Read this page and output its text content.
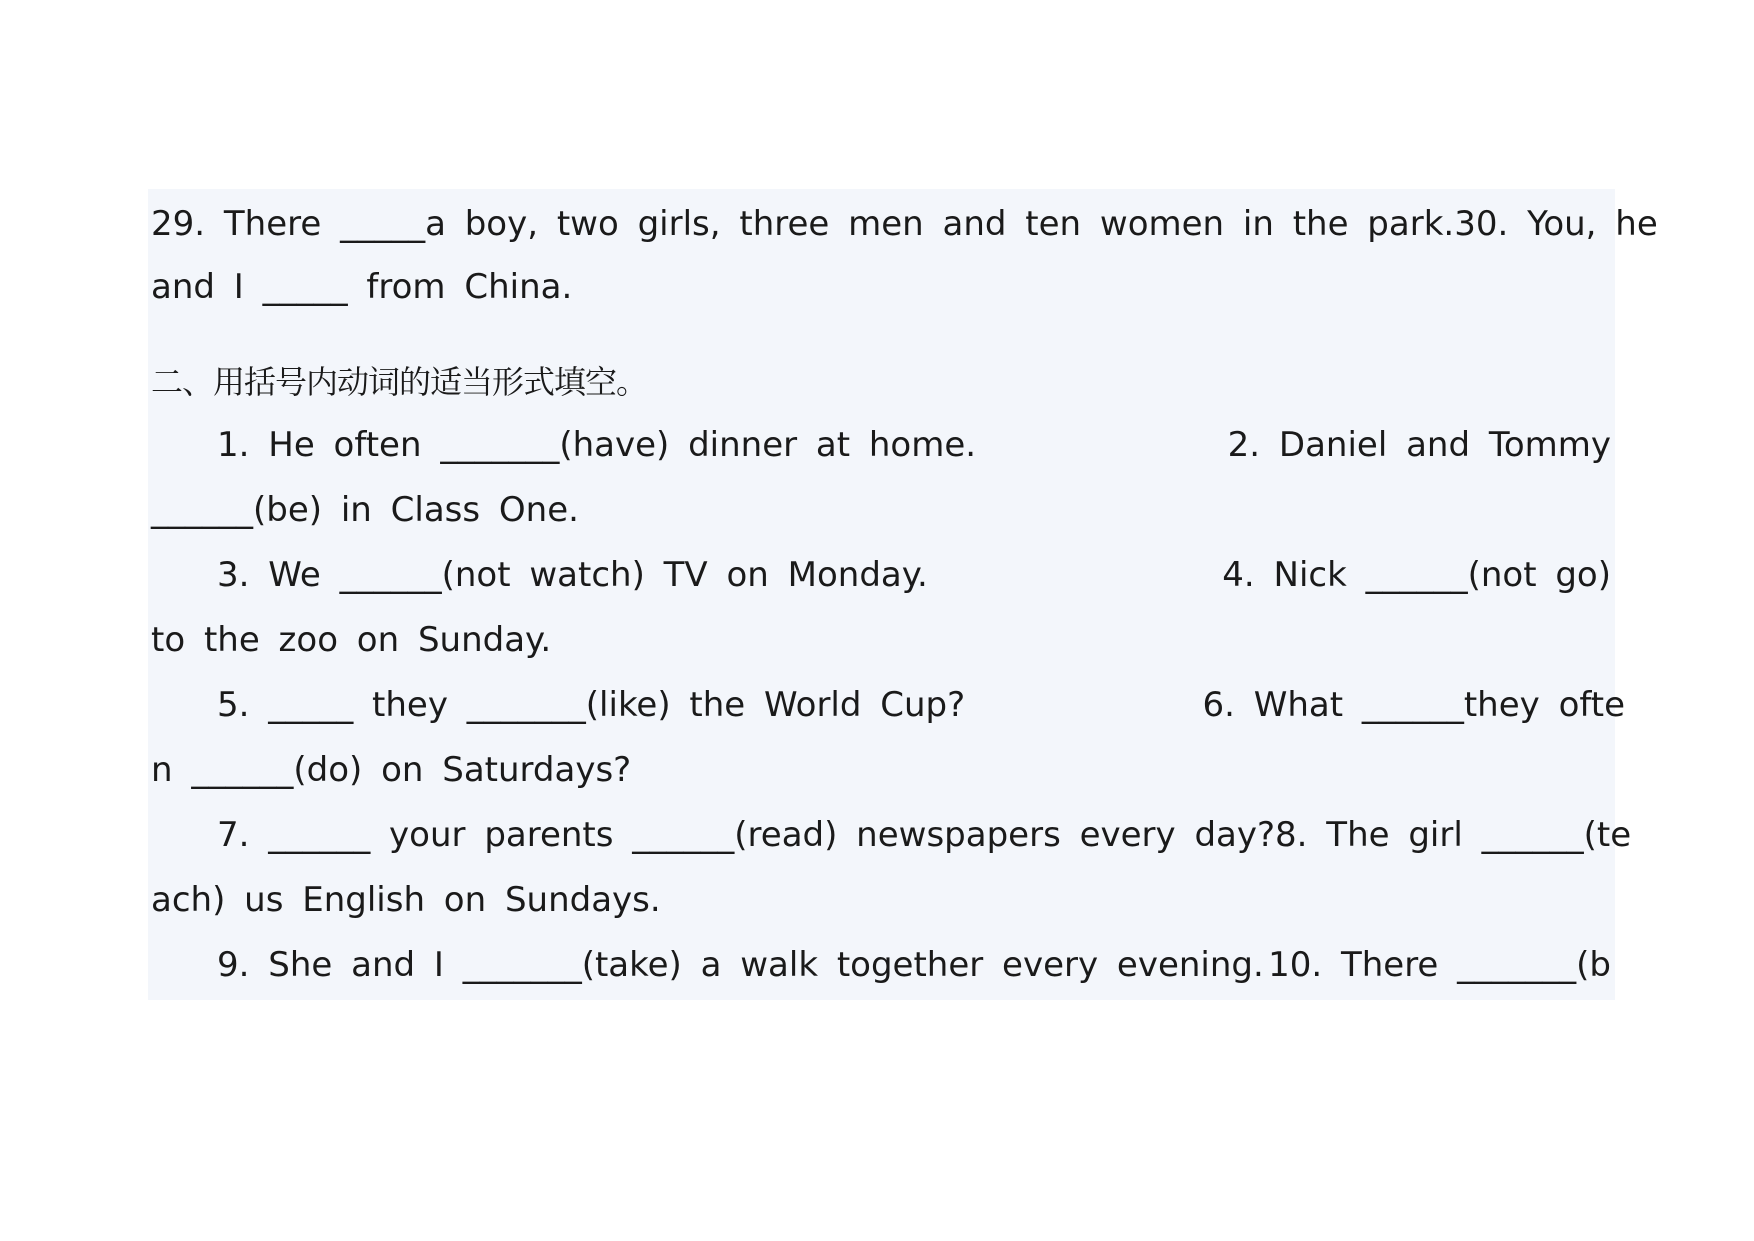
29. There _____a boy, two girls, three men and ten women in the park. 30. You, he
and I _____ from China.
二、用括号内动词的适当形式填空。
1. He often _______(have) dinner at home.	2. Daniel and Tommy
______(be) in Class One.
3. We ______(not watch) TV on Monday.	4. Nick ______(not go)
to the zoo on Sunday.
5. _____ they _______(like) the World Cup?	6. What ______they ofte
n ______(do) on Saturdays?
7. ______ your parents ______(read) newspapers every day? 8. The girl ______(te
ach) us English on Sundays.
9. She and I _______(take) a walk together every evening. 10. There _______(b
